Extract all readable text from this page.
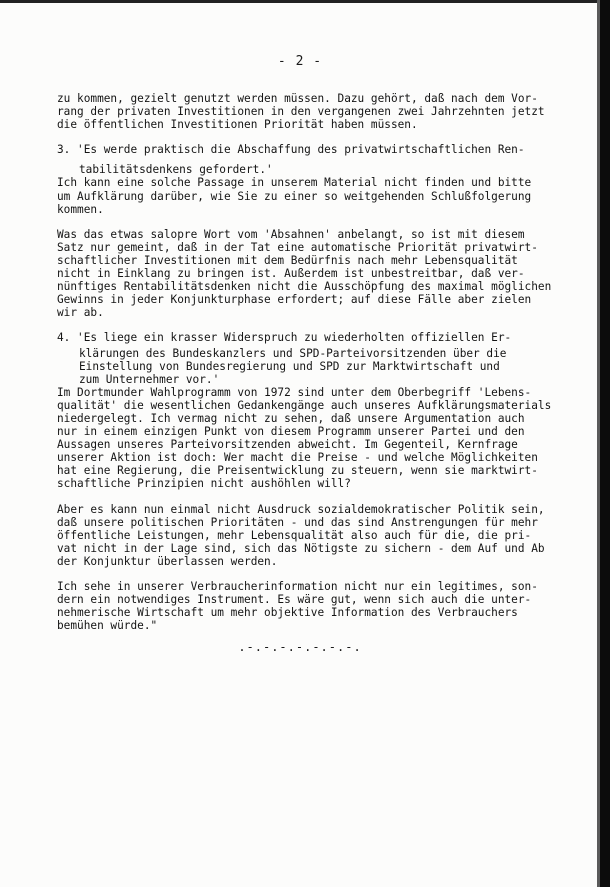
- 2 -
zu kommen, gezielt genutzt werden müssen. Dazu gehört, daß nach dem Vor-
rang der privaten Investitionen in den vergangenen zwei Jahrzehnten jetzt
die öffentlichen Investitionen Priorität haben müssen.
3. 'Es werde praktisch die Abschaffung des privatwirtschaftlichen Ren-
tabilitätsdenkens gefordert.'
Ich kann eine solche Passage in unserem Material nicht finden und bitte
um Aufklärung darüber, wie Sie zu einer so weitgehenden Schlußfolgerung
kommen.
Was das etwas salopre Wort vom 'Absahnen' anbelangt, so ist mit diesem
Satz nur gemeint, daß in der Tat eine automatische Priorität privatwirt-
schaftlicher Investitionen mit dem Bedürfnis nach mehr Lebensqualität
nicht in Einklang zu bringen ist. Außerdem ist unbestreitbar, daß ver-
nünftiges Rentabilitätsdenken nicht die Ausschöpfung des maximal möglichen
Gewinns in jeder Konjunkturphase erfordert; auf diese Fälle aber zielen
wir ab.
4. 'Es liege ein krasser Widerspruch zu wiederholten offiziellen Er-
klärungen des Bundeskanzlers und SPD-Parteivorsitzenden über die
Einstellung von Bundesregierung und SPD zur Marktwirtschaft und
zum Unternehmer vor.'
Im Dortmunder Wahlprogramm von 1972 sind unter dem Oberbegriff 'Lebens-
qualität' die wesentlichen Gedankengänge auch unseres Aufklärungsmaterials
niedergelegt. Ich vermag nicht zu sehen, daß unsere Argumentation auch
nur in einem einzigen Punkt von diesem Programm unserer Partei und den
Aussagen unseres Parteivorsitzenden abweicht. Im Gegenteil, Kernfrage
unserer Aktion ist doch: Wer macht die Preise - und welche Möglichkeiten
hat eine Regierung, die Preisentwicklung zu steuern, wenn sie marktwirt-
schaftliche Prinzipien nicht aushöhlen will?
Aber es kann nun einmal nicht Ausdruck sozialdemokratischer Politik sein,
daß unsere politischen Prioritäten - und das sind Anstrengungen für mehr
öffentliche Leistungen, mehr Lebensqualität also auch für die, die pri-
vat nicht in der Lage sind, sich das Nötigste zu sichern - dem Auf und Ab
der Konjunktur überlassen werden.
Ich sehe in unserer Verbraucherinformation nicht nur ein legitimes, son-
dern ein notwendiges Instrument. Es wäre gut, wenn sich auch die unter-
nehmerische Wirtschaft um mehr objektive Information des Verbrauchers
bemühen würde."
.-.-.-.-.-.-.-.
